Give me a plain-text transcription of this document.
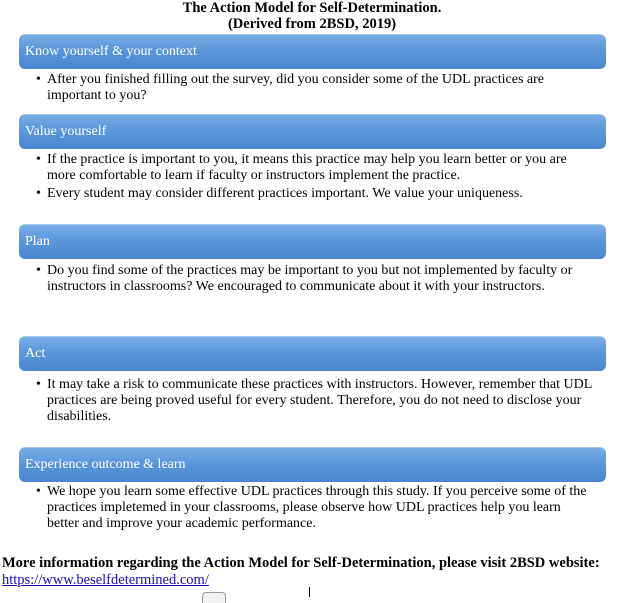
The Action Model for Self-Determination.
(Derived from 2BSD, 2019)
Know yourself & your context
• After you finished filling out the survey, did you consider some of the UDL practices are important to you?
Value yourself
• If the practice is important to you, it means this practice may help you learn better or you are more comfortable to learn if faculty or instructors implement the practice.
• Every student may consider different practices important. We value your uniqueness.
Plan
• Do you find some of the practices may be important to you but not implemented by faculty or instructors in classrooms? We encouraged to communicate about it with your instructors.
Act
• It may take a risk to communicate these practices with instructors. However, remember that UDL practices are being proved useful for every student. Therefore, you do not need to disclose your disabilities.
Experience outcome & learn
• We hope you learn some effective UDL practices through this study. If you perceive some of the practices impletemed in your classrooms, please observe how UDL practices help you learn better and improve your academic performance.
More information regarding the Action Model for Self-Determination, please visit 2BSD website:
https://www.beselfdetermined.com/
